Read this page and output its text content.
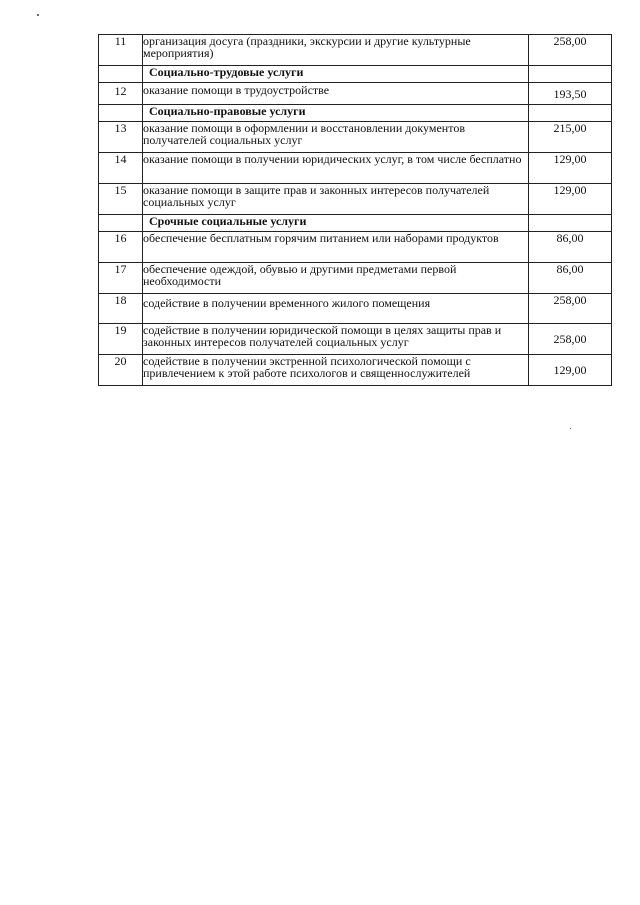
11	организация досуга (праздники, экскурсии и другие культурные мероприятия)	258,00
	Социально-трудовые услуги	
12	оказание помощи в трудоустройстве	193,50
	Социально-правовые услуги	
13	оказание помощи в оформлении и восстановлении документов получателей социальных услуг	215,00
14	оказание помощи в получении юридических услуг, в том числе бесплатно	129,00
15	оказание помощи в защите прав и законных интересов получателей социальных услуг	129,00
	Срочные социальные услуги	
16	обеспечение бесплатным горячим питанием или наборами продуктов	86,00
17	обеспечение одеждой, обувью и другими предметами первой необходимости	86,00
18	содействие в получении временного жилого помещения	258,00
19	содействие в получении юридической помощи в целях защиты прав и законных интересов получателей социальных услуг	258,00
20	содействие в получении экстренной психологической помощи с привлечением к этой работе психологов и священнослужителей	129,00
